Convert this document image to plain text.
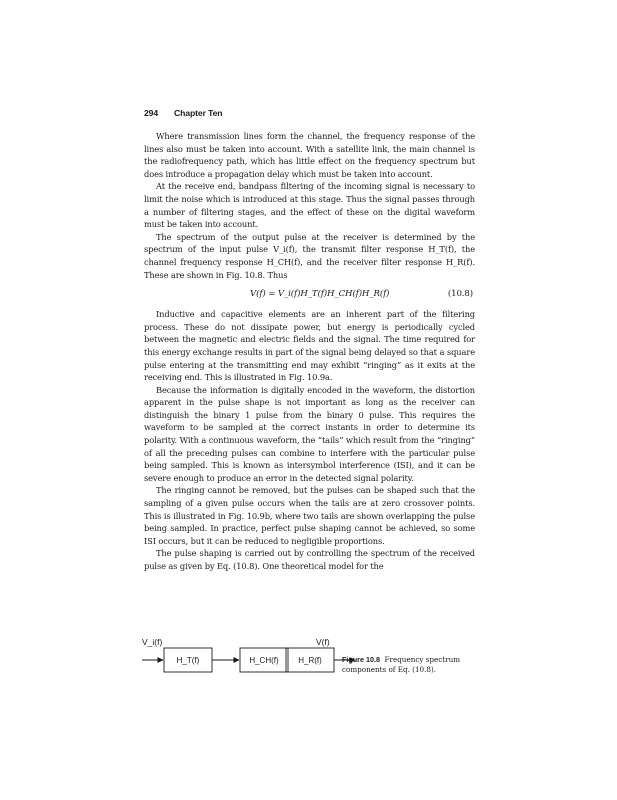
294 Chapter Ten

Where transmission lines form the channel, the frequency response of the lines also must be taken into account. With a satellite link, the main channel is the radiofrequency path, which has little effect on the frequency spectrum but does introduce a propagation delay which must be taken into account.

At the receive end, bandpass filtering of the incoming signal is necessary to limit the noise which is introduced at this stage. Thus the signal passes through a number of filtering stages, and the effect of these on the digital waveform must be taken into account.

The spectrum of the output pulse at the receiver is determined by the spectrum of the input pulse V_i(f), the transmit filter response H_T(f), the channel frequency response H_CH(f), and the receiver filter response H_R(f). These are shown in Fig. 10.8. Thus

V(f) = V_i(f)H_T(f)H_CH(f)H_R(f)	(10.8)

Inductive and capacitive elements are an inherent part of the filtering process. These do not dissipate power, but energy is periodically cycled between the magnetic and electric fields and the signal. The time required for this energy exchange results in part of the signal being delayed so that a square pulse entering at the transmitting end may exhibit “ringing” as it exits at the receiving end. This is illustrated in Fig. 10.9a.

Because the information is digitally encoded in the waveform, the distortion apparent in the pulse shape is not important as long as the receiver can distinguish the binary 1 pulse from the binary 0 pulse. This requires the waveform to be sampled at the correct instants in order to determine its polarity. With a continuous waveform, the “tails” which result from the “ringing” of all the preceding pulses can combine to interfere with the particular pulse being sampled. This is known as intersymbol interference (ISI), and it can be severe enough to produce an error in the detected signal polarity.

The ringing cannot be removed, but the pulses can be shaped such that the sampling of a given pulse occurs when the tails are at zero crossover points. This is illustrated in Fig. 10.9b, where two tails are shown overlapping the pulse being sampled. In practice, perfect pulse shaping cannot be achieved, so some ISI occurs, but it can be reduced to negligible proportions.

The pulse shaping is carried out by controlling the spectrum of the received pulse as given by Eq. (10.8). One theoretical model for the

V_i(f)	V(f)
H_T(f)	H_CH(f) H_R(f)	Figure 10.8 Frequency spectrum components of Eq. (10.8).
